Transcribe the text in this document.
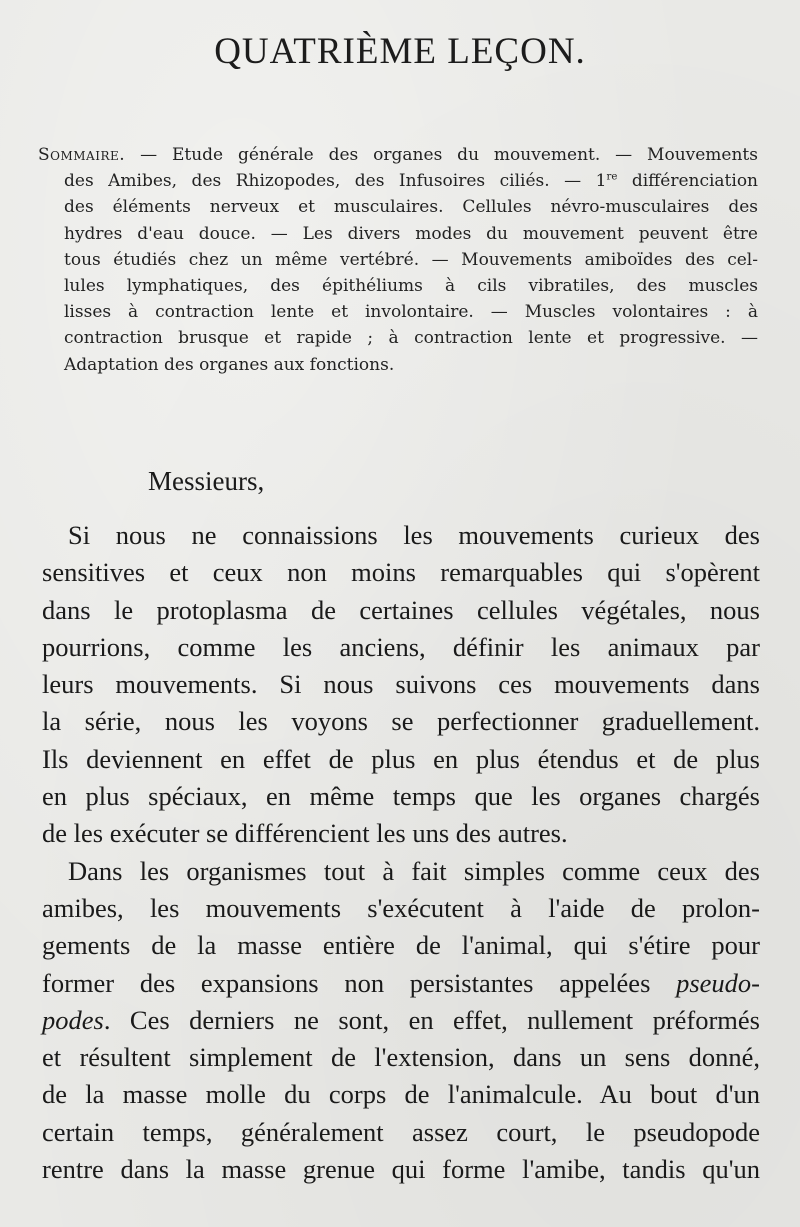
QUATRIÈME LEÇON.
Sommaire. — Etude générale des organes du mouvement. — Mouvements
des Amibes, des Rhizopodes, des Infusoires ciliés. — 1re différenciation
des éléments nerveux et musculaires. Cellules névro-musculaires des
hydres d'eau douce. — Les divers modes du mouvement peuvent être
tous étudiés chez un même vertébré. — Mouvements amiboïdes des cel-
lules lymphatiques, des épithéliums à cils vibratiles, des muscles
lisses à contraction lente et involontaire. — Muscles volontaires : à
contraction brusque et rapide ; à contraction lente et progressive. —
Adaptation des organes aux fonctions.

Messieurs,

Si nous ne connaissions les mouvements curieux des
sensitives et ceux non moins remarquables qui s'opèrent
dans le protoplasma de certaines cellules végétales, nous
pourrions, comme les anciens, définir les animaux par
leurs mouvements. Si nous suivons ces mouvements dans
la série, nous les voyons se perfectionner graduellement.
Ils deviennent en effet de plus en plus étendus et de plus
en plus spéciaux, en même temps que les organes chargés
de les exécuter se différencient les uns des autres.
Dans les organismes tout à fait simples comme ceux des
amibes, les mouvements s'exécutent à l'aide de prolon-
gements de la masse entière de l'animal, qui s'étire pour
former des expansions non persistantes appelées pseudo-
podes. Ces derniers ne sont, en effet, nullement préformés
et résultent simplement de l'extension, dans un sens donné,
de la masse molle du corps de l'animalcule. Au bout d'un
certain temps, généralement assez court, le pseudopode
rentre dans la masse grenue qui forme l'amibe, tandis qu'un
